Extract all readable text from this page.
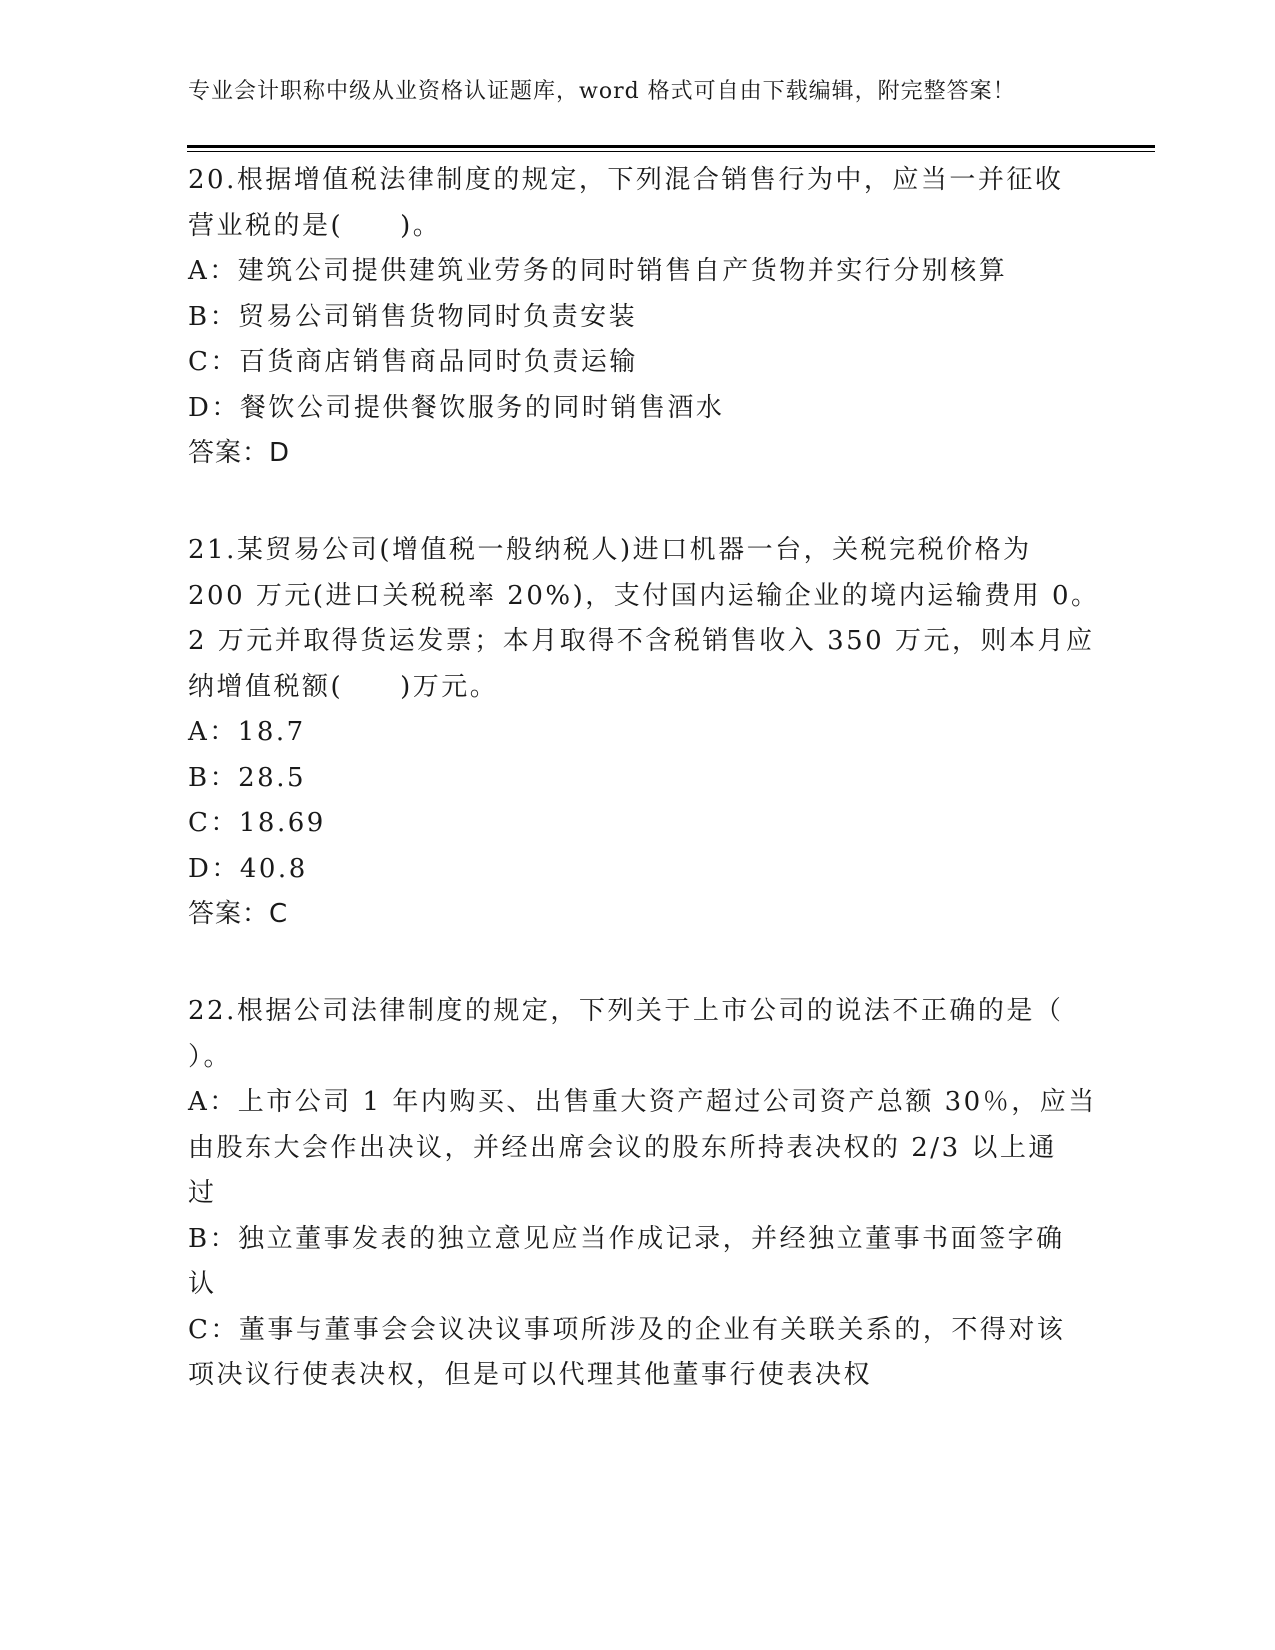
专业会计职称中级从业资格认证题库，word 格式可自由下载编辑，附完整答案！
20.根据增值税法律制度的规定，下列混合销售行为中，应当一并征收
营业税的是(　　)。
A：建筑公司提供建筑业劳务的同时销售自产货物并实行分别核算
B：贸易公司销售货物同时负责安装
C：百货商店销售商品同时负责运输
D：餐饮公司提供餐饮服务的同时销售酒水
答案：D
21.某贸易公司(增值税一般纳税人)进口机器一台，关税完税价格为
200 万元(进口关税税率 20%)，支付国内运输企业的境内运输费用 0。
2 万元并取得货运发票；本月取得不含税销售收入 350 万元，则本月应
纳增值税额(　　)万元。
A：18.7
B：28.5
C：18.69
D：40.8
答案：C
22.根据公司法律制度的规定，下列关于上市公司的说法不正确的是（
）。
A：上市公司 1 年内购买、出售重大资产超过公司资产总额 30％，应当
由股东大会作出决议，并经出席会议的股东所持表决权的 2/3 以上通
过
B：独立董事发表的独立意见应当作成记录，并经独立董事书面签字确
认
C：董事与董事会会议决议事项所涉及的企业有关联关系的，不得对该
项决议行使表决权，但是可以代理其他董事行使表决权
